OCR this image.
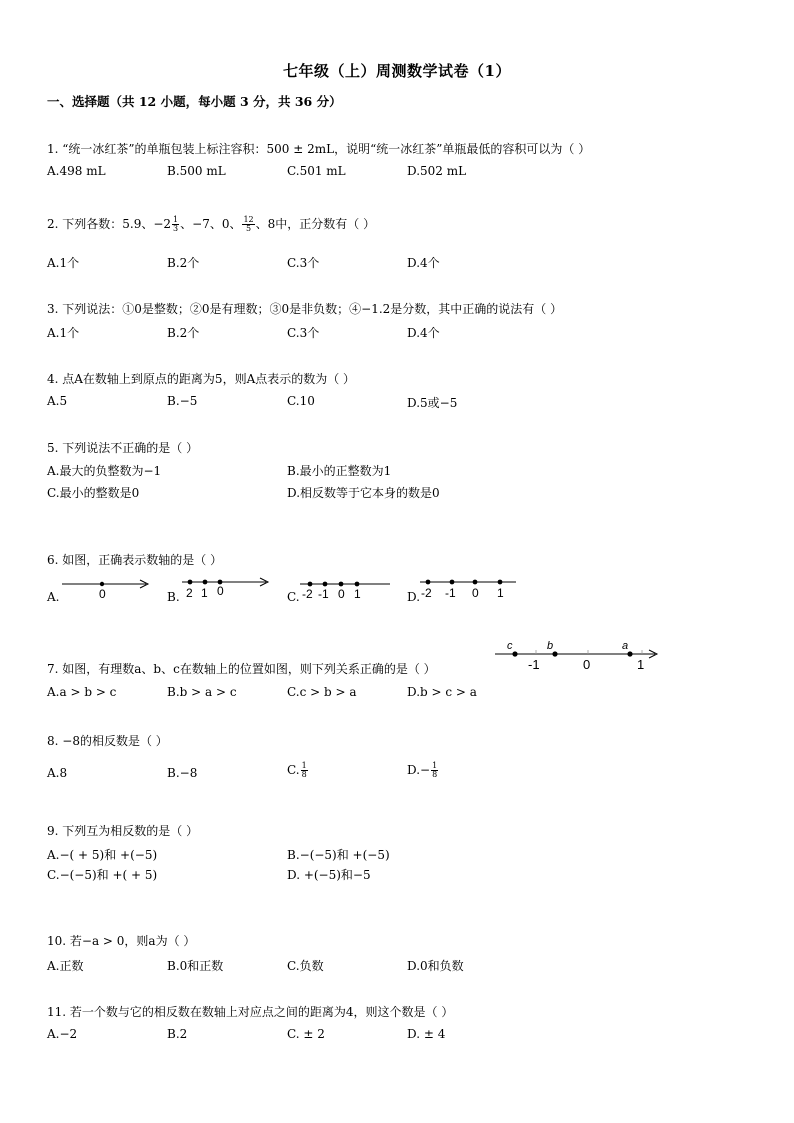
七年级（上）周测数学试卷（1）
一、选择题（共 12 小题，每小题 3 分，共 36 分）
1. “统一冰红茶”的单瓶包装上标注容积：500 ± 2mL，说明“统一冰红茶”单瓶最低的容积可以为（ ）
A.498 mL	B.500 mL	C.501 mL	D.502 mL
2. 下列各数：5.9、$-2 \frac{1}{3}$ 、−7、0、 $\frac{12}{5}$ 、8中，正分数有（ ）
A.1个	B.2个	C.3个	D.4个
3. 下列说法：①0是整数；②0是有理数；③0是非负数；④−1.2是分数，其中正确的说法有（ ）
A.1个	B.2个	C.3个	D.4个
4. 点A在数轴上到原点的距离为5，则A点表示的数为（ ）
A.5	B.−5	C.10	D.5或−5
5. 下列说法不正确的是（ ）
A.最大的负整数为−1	B.最小的正整数为1
C.最小的整数是0	D.相反数等于它本身的数是0
6. 如图，正确表示数轴的是（ ）
A.	B.	C.	D.
0	2 1 0	-2 -1 0 1	-2 -1 0 1
7. 如图，有理数a、b、c在数轴上的位置如图，则下列关系正确的是（ ）
c	b	a
-1	0	1
A.a > b > c	B.b > a > c	C.c > b > a	D.b > c > a
8. −8的相反数是（ ）
A.8	B.−8	C. $\frac{1}{8}$	$D.- \frac{1}{8}$
9. 下列互为相反数的是（ ）
A.−( + 5)和 +(−5)	B.−(−5)和 +(−5)
C.−(−5)和 +( + 5)	D. +(−5)和−5
10. 若−a > 0，则a为（ ）
A.正数	B.0和正数	C.负数	D.0和负数
11. 若一个数与它的相反数在数轴上对应点之间的距离为4，则这个数是（ ）
A.−2	B.2	C. ± 2	D. ± 4
